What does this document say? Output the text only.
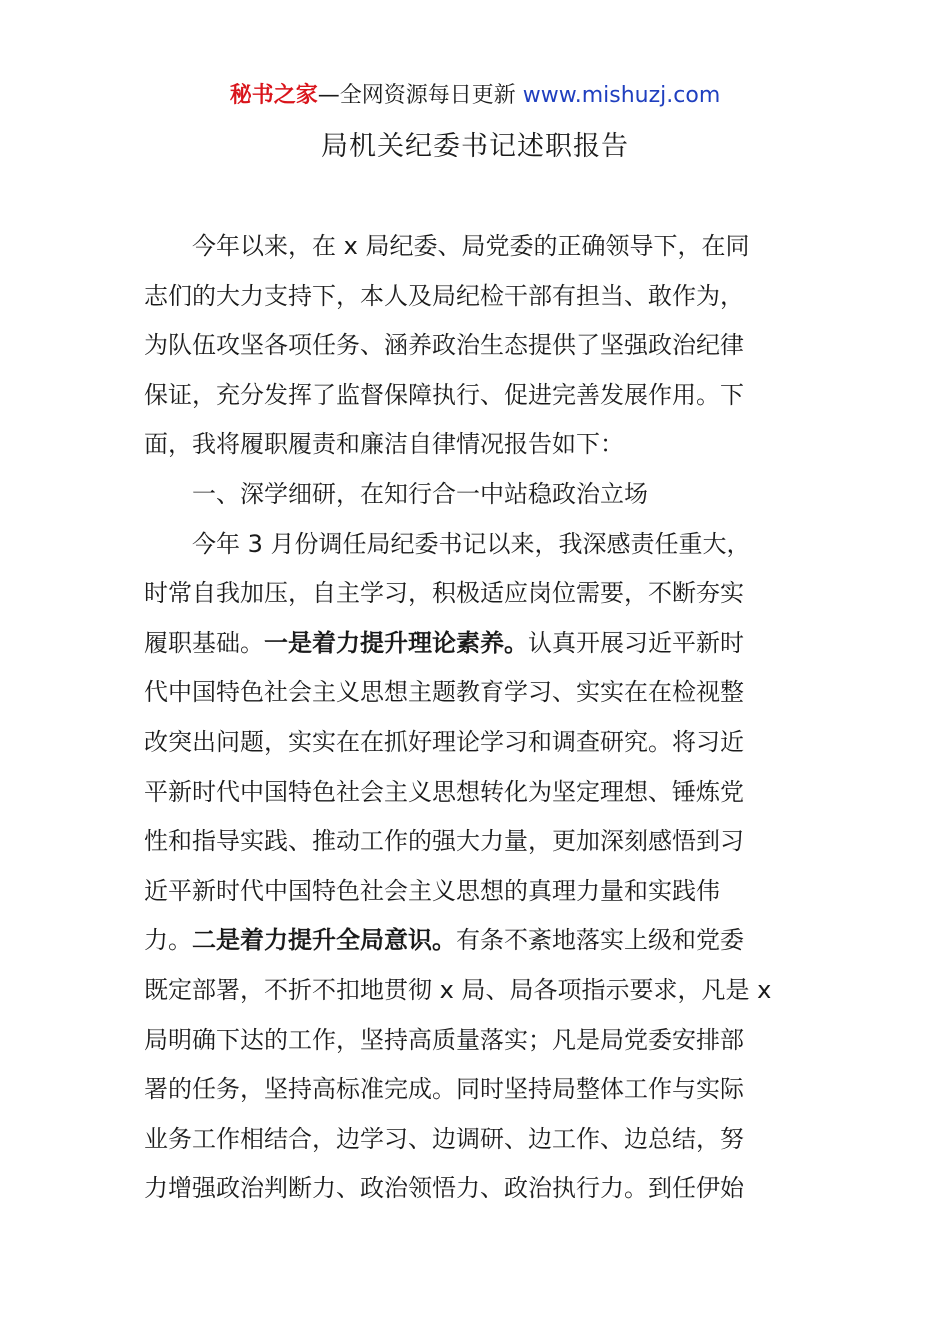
秘书之家—全网资源每日更新 www.mishuzj.com
局机关纪委书记述职报告
今年以来，在 x 局纪委、局党委的正确领导下，在同
志们的大力支持下，本人及局纪检干部有担当、敢作为，
为队伍攻坚各项任务、涵养政治生态提供了坚强政治纪律
保证，充分发挥了监督保障执行、促进完善发展作用。下
面，我将履职履责和廉洁自律情况报告如下：
一、深学细研，在知行合一中站稳政治立场
今年 3 月份调任局纪委书记以来，我深感责任重大，
时常自我加压，自主学习，积极适应岗位需要，不断夯实
履职基础。一是着力提升理论素养。认真开展习近平新时
代中国特色社会主义思想主题教育学习、实实在在检视整
改突出问题，实实在在抓好理论学习和调查研究。将习近
平新时代中国特色社会主义思想转化为坚定理想、锤炼党
性和指导实践、推动工作的强大力量，更加深刻感悟到习
近平新时代中国特色社会主义思想的真理力量和实践伟
力。二是着力提升全局意识。有条不紊地落实上级和党委
既定部署，不折不扣地贯彻 x 局、局各项指示要求，凡是 x
局明确下达的工作，坚持高质量落实；凡是局党委安排部
署的任务，坚持高标准完成。同时坚持局整体工作与实际
业务工作相结合，边学习、边调研、边工作、边总结，努
力增强政治判断力、政治领悟力、政治执行力。到任伊始
